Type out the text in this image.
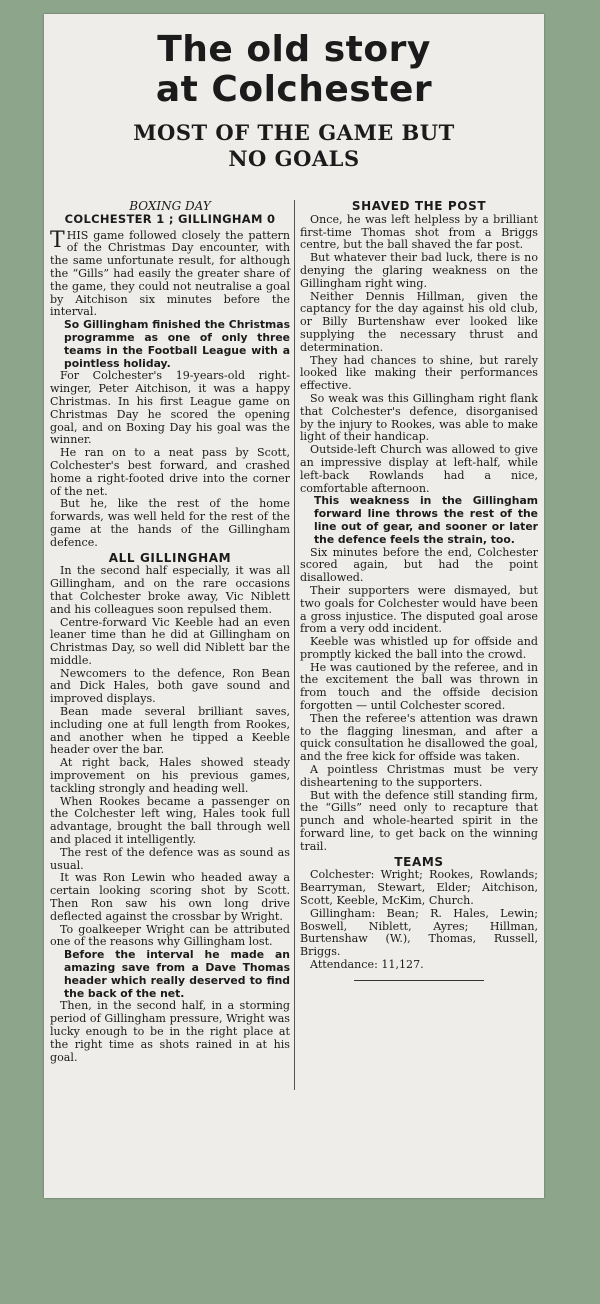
The old story
at Colchester
MOST OF THE GAME BUT
NO GOALS

BOXING DAY

COLCHESTER 1 ; GILLINGHAM 0

THIS game followed closely the pattern of the Christmas Day encounter, with the same unfortunate result, for although the “Gills” had easily the greater share of the game, they could not neutralise a goal by Aitchison six minutes before the interval.

So Gillingham finished the Christmas programme as one of only three teams in the Football League with a pointless holiday.

For Colchester's 19-years-old right-winger, Peter Aitchison, it was a happy Christmas. In his first League game on Christmas Day he scored the opening goal, and on Boxing Day his goal was the winner.

He ran on to a neat pass by Scott, Colchester's best forward, and crashed home a right-footed drive into the corner of the net.

But he, like the rest of the home forwards, was well held for the rest of the game at the hands of the Gillingham defence.

ALL GILLINGHAM

In the second half especially, it was all Gillingham, and on the rare occasions that Colchester broke away, Vic Niblett and his colleagues soon repulsed them.

Centre-forward Vic Keeble had an even leaner time than he did at Gillingham on Christmas Day, so well did Niblett bar the middle.

Newcomers to the defence, Ron Bean and Dick Hales, both gave sound and improved displays.

Bean made several brilliant saves, including one at full length from Rookes, and another when he tipped a Keeble header over the bar.

At right back, Hales showed steady improvement on his previous games, tackling strongly and heading well.

When Rookes became a passenger on the Colchester left wing, Hales took full advantage, brought the ball through well and placed it intelligently.

The rest of the defence was as sound as usual.

It was Ron Lewin who headed away a certain looking scoring shot by Scott. Then Ron saw his own long drive deflected against the crossbar by Wright.

To goalkeeper Wright can be attributed one of the reasons why Gillingham lost.

Before the interval he made an amazing save from a Dave Thomas header which really deserved to find the back of the net.

Then, in the second half, in a storming period of Gillingham pressure, Wright was lucky enough to be in the right place at the right time as shots rained in at his goal.

SHAVED THE POST

Once, he was left helpless by a brilliant first-time Thomas shot from a Briggs centre, but the ball shaved the far post.

But whatever their bad luck, there is no denying the glaring weakness on the Gillingham right wing.

Neither Dennis Hillman, given the captancy for the day against his old club, or Billy Burtenshaw ever looked like supplying the necessary thrust and determination.

They had chances to shine, but rarely looked like making their performances effective.

So weak was this Gillingham right flank that Colchester's defence, disorganised by the injury to Rookes, was able to make light of their handicap.

Outside-left Church was allowed to give an impressive display at left-half, while left-back Rowlands had a nice, comfortable afternoon.

This weakness in the Gillingham forward line throws the rest of the line out of gear, and sooner or later the defence feels the strain, too.

Six minutes before the end, Colchester scored again, but had the point disallowed.

Their supporters were dismayed, but two goals for Colchester would have been a gross injustice. The disputed goal arose from a very odd incident.

Keeble was whistled up for offside and promptly kicked the ball into the crowd.

He was cautioned by the referee, and in the excitement the ball was thrown in from touch and the offside decision forgotten — until Colchester scored.

Then the referee's attention was drawn to the flagging linesman, and after a quick consultation he disallowed the goal, and the free kick for offside was taken.

A pointless Christmas must be very disheartening to the supporters.

But with the defence still standing firm, the “Gills” need only to recapture that punch and whole-hearted spirit in the forward line, to get back on the winning trail.

TEAMS

Colchester: Wright; Rookes, Rowlands; Bearryman, Stewart, Elder; Aitchison, Scott, Keeble, McKim, Church.

Gillingham: Bean; R. Hales, Lewin; Boswell, Niblett, Ayres; Hillman, Burtenshaw (W.), Thomas, Russell, Briggs.

Attendance: 11,127.
